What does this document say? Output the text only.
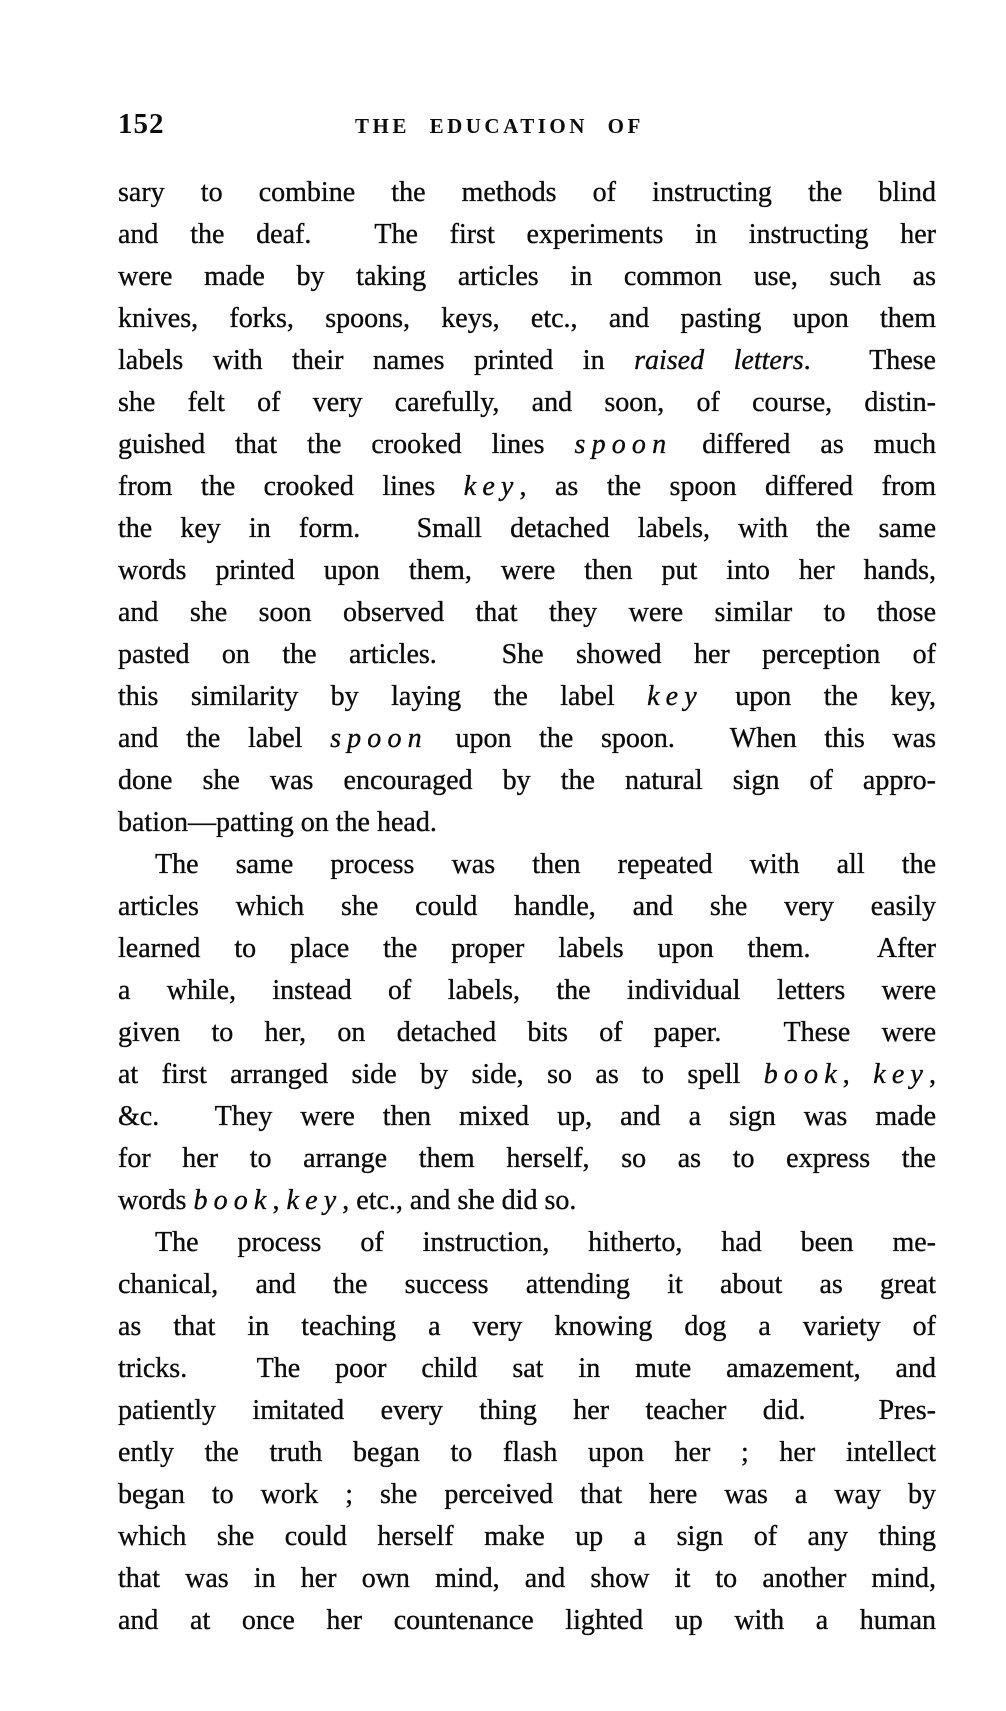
152	THE EDUCATION OF
sary to combine the methods of instructing the blind
and the deaf.  The first experiments in instructing her
were made by taking articles in common use, such as
knives, forks, spoons, keys, etc., and pasting upon them
labels with their names printed in raised letters.  These
she felt of very carefully, and soon, of course, distin-
guished that the crooked lines spoon differed as much
from the crooked lines key, as the spoon differed from
the key in form.  Small detached labels, with the same
words printed upon them, were then put into her hands,
and she soon observed that they were similar to those
pasted on the articles.  She showed her perception of
this similarity by laying the label key upon the key,
and the label spoon upon the spoon.  When this was
done she was encouraged by the natural sign of appro-
bation—patting on the head.
The same process was then repeated with all the
articles which she could handle, and she very easily
learned to place the proper labels upon them.  After
a while, instead of labels, the individual letters were
given to her, on detached bits of paper.  These were
at first arranged side by side, so as to spell book, key,
&c.  They were then mixed up, and a sign was made
for her to arrange them herself, so as to express the
words book, key, etc., and she did so.
The process of instruction, hitherto, had been me-
chanical, and the success attending it about as great
as that in teaching a very knowing dog a variety of
tricks.  The poor child sat in mute amazement, and
patiently imitated every thing her teacher did.  Pres-
ently the truth began to flash upon her ; her intellect
began to work ; she perceived that here was a way by
which she could herself make up a sign of any thing
that was in her own mind, and show it to another mind,
and at once her countenance lighted up with a human
